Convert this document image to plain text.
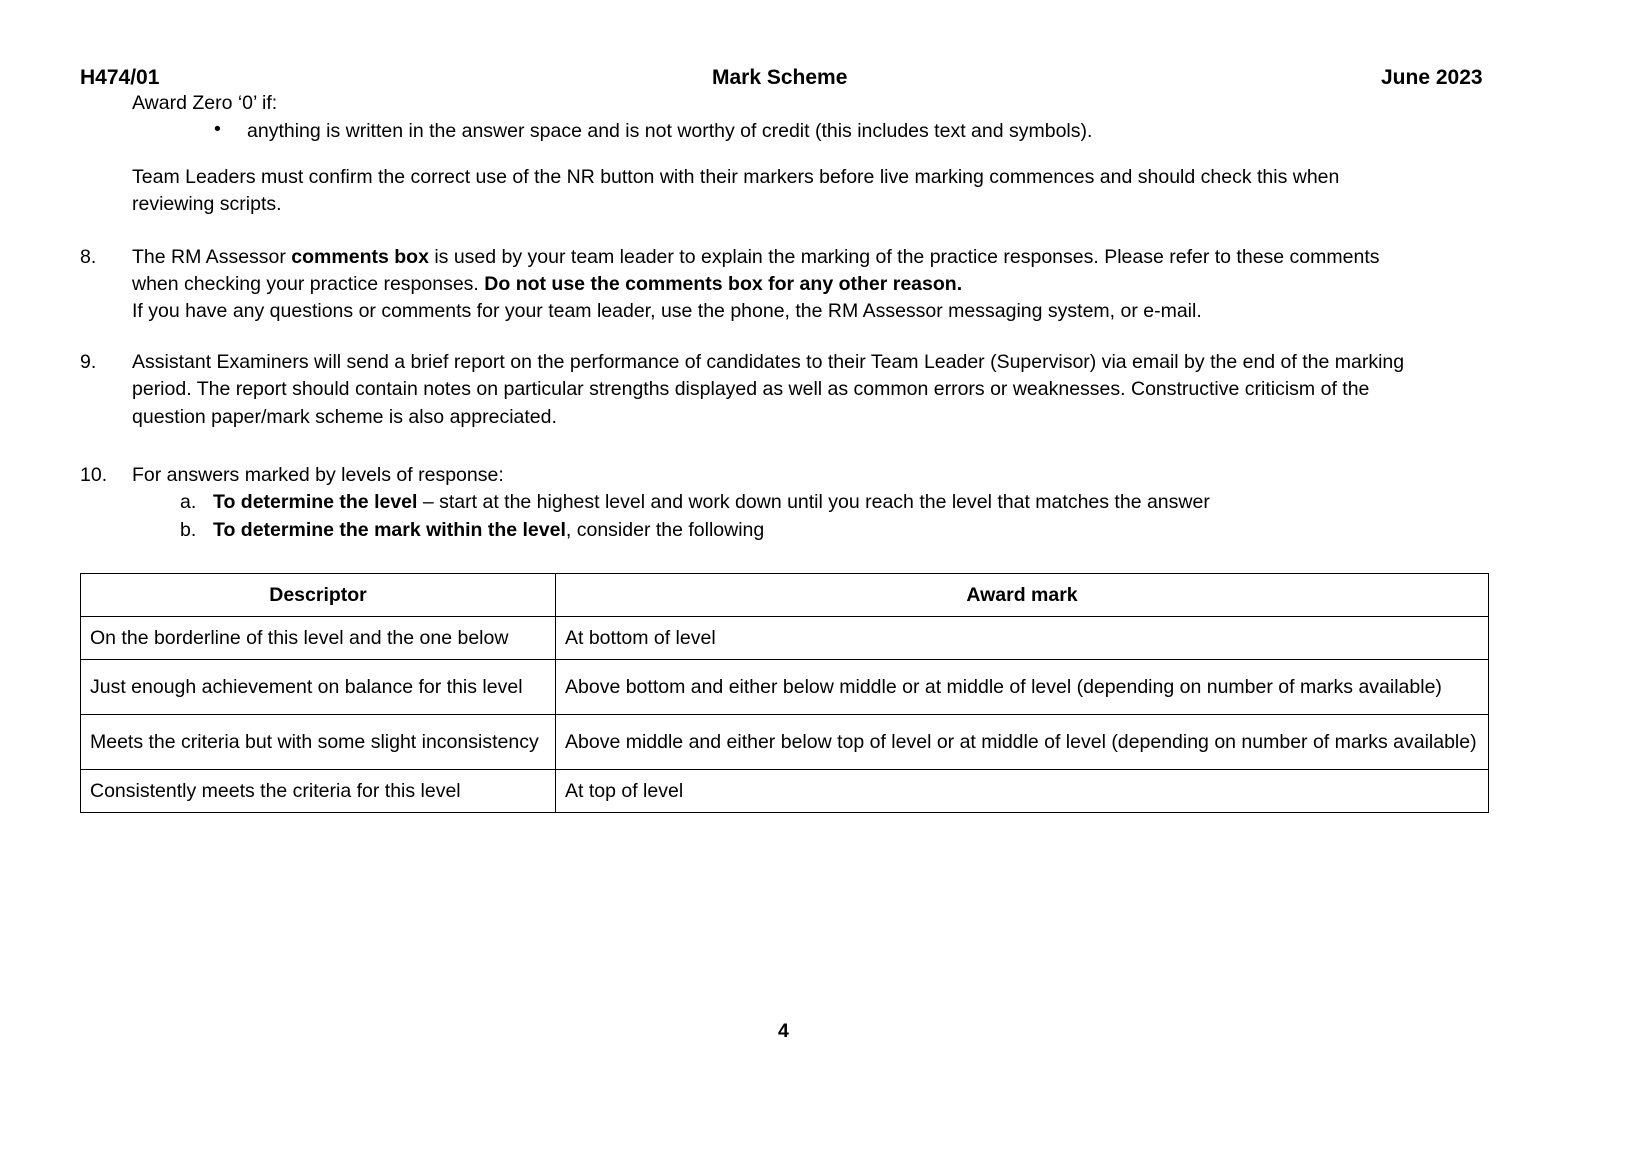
H474/01	Mark Scheme	June 2023
Award Zero ‘0’ if:
• anything is written in the answer space and is not worthy of credit (this includes text and symbols).
Team Leaders must confirm the correct use of the NR button with their markers before live marking commences and should check this when
reviewing scripts.
8. The RM Assessor comments box is used by your team leader to explain the marking of the practice responses. Please refer to these comments
when checking your practice responses. Do not use the comments box for any other reason.
If you have any questions or comments for your team leader, use the phone, the RM Assessor messaging system, or e-mail.
9. Assistant Examiners will send a brief report on the performance of candidates to their Team Leader (Supervisor) via email by the end of the marking
period. The report should contain notes on particular strengths displayed as well as common errors or weaknesses. Constructive criticism of the
question paper/mark scheme is also appreciated.
10. For answers marked by levels of response:
a. To determine the level – start at the highest level and work down until you reach the level that matches the answer
b. To determine the mark within the level, consider the following
Descriptor	Award mark
On the borderline of this level and the one below	At bottom of level
Just enough achievement on balance for this level	Above bottom and either below middle or at middle of level (depending on number of marks available)
Meets the criteria but with some slight inconsistency	Above middle and either below top of level or at middle of level (depending on number of marks available)
Consistently meets the criteria for this level	At top of level
4
